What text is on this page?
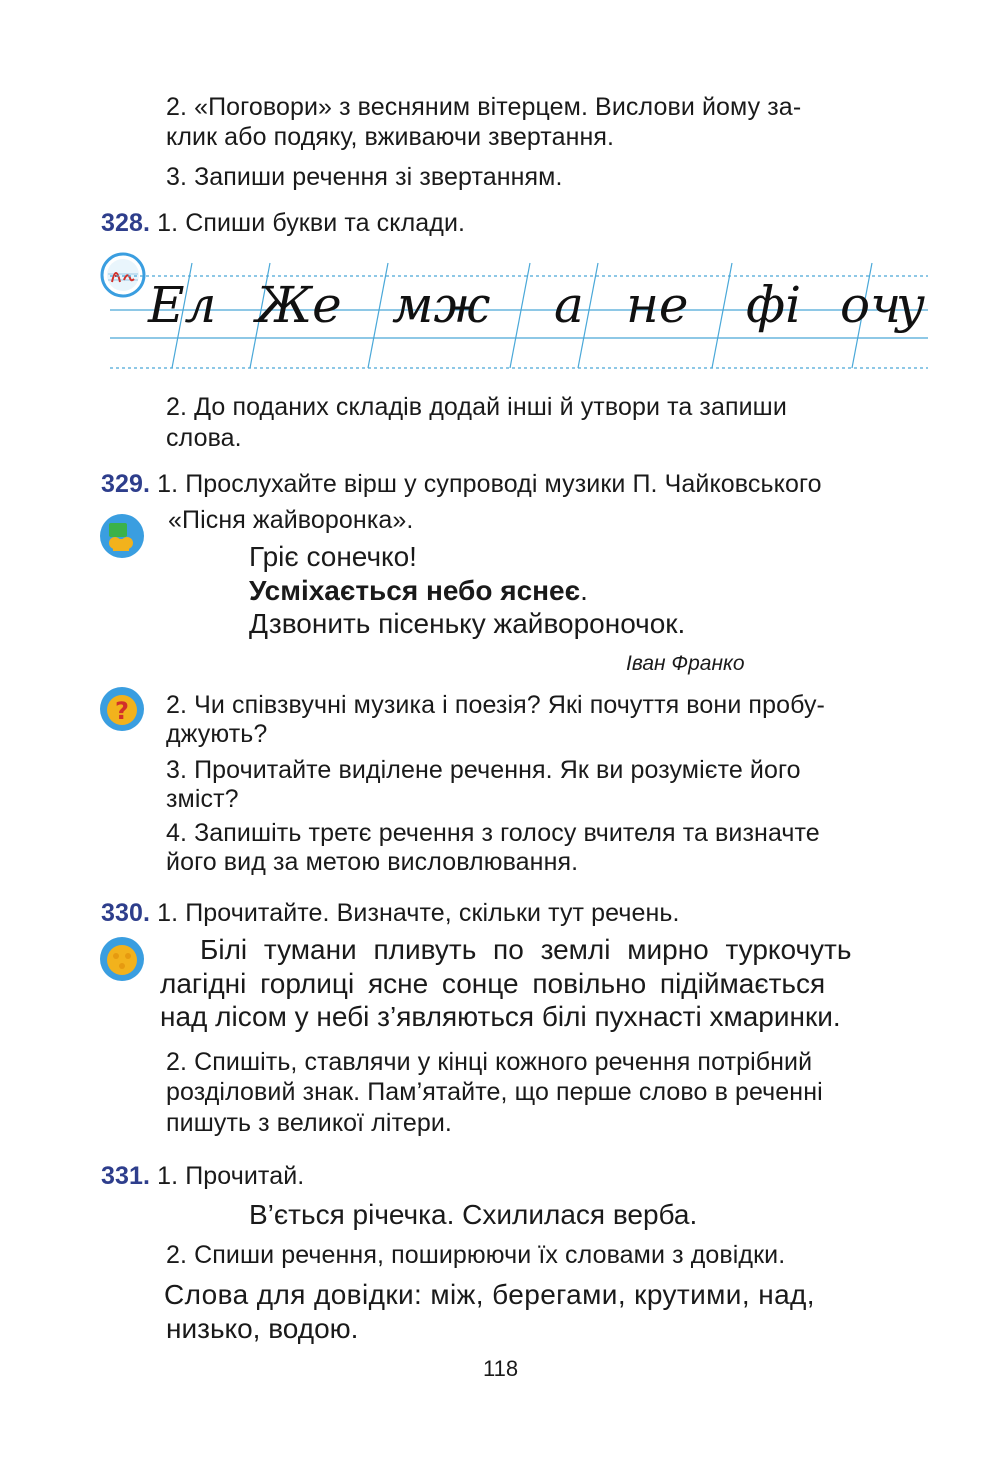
2. «Поговори» з весняним вітерцем. Вислови йому за-
клик або подяку, вживаючи звертання.
3. Запиши речення зі звертанням.
328. 1. Спиши букви та склади.
Ел Же мж а не фі оч
у
2. До поданих складів додай інші й утвори та запиши
слова.
329. 1. Прослухайте вірш у супроводі музики П. Чайковського
«Пісня жайворонка».
Гріє сонечко!
Усміхається небо яснеє.
Дзвонить пісеньку жайвороночок.
Іван Франко
? 2. Чи співзвучні музика і поезія? Які почуття вони пробу-
джують?
3. Прочитайте виділене речення. Як ви розумієте його
зміст?
4. Запишіть третє речення з голосу вчителя та визначте
його вид за метою висловлювання.
330. 1. Прочитайте. Визначте, скільки тут речень.
Білі тумани пливуть по землі мирно туркочуть
лагідні горлиці ясне сонце повільно підіймається
над лісом у небі з’являються білі пухнасті хмаринки.
2. Спишіть, ставлячи у кінці кожного речення потрібний
розділовий знак. Пам’ятайте, що перше слово в реченні
пишуть з великої літери.
331. 1. Прочитай.
В’ється річечка. Схилилася верба.
2. Спиши речення, поширюючи їх словами з довідки.
Слова для довідки: між, берегами, крутими, над,
низько, водою.
118
